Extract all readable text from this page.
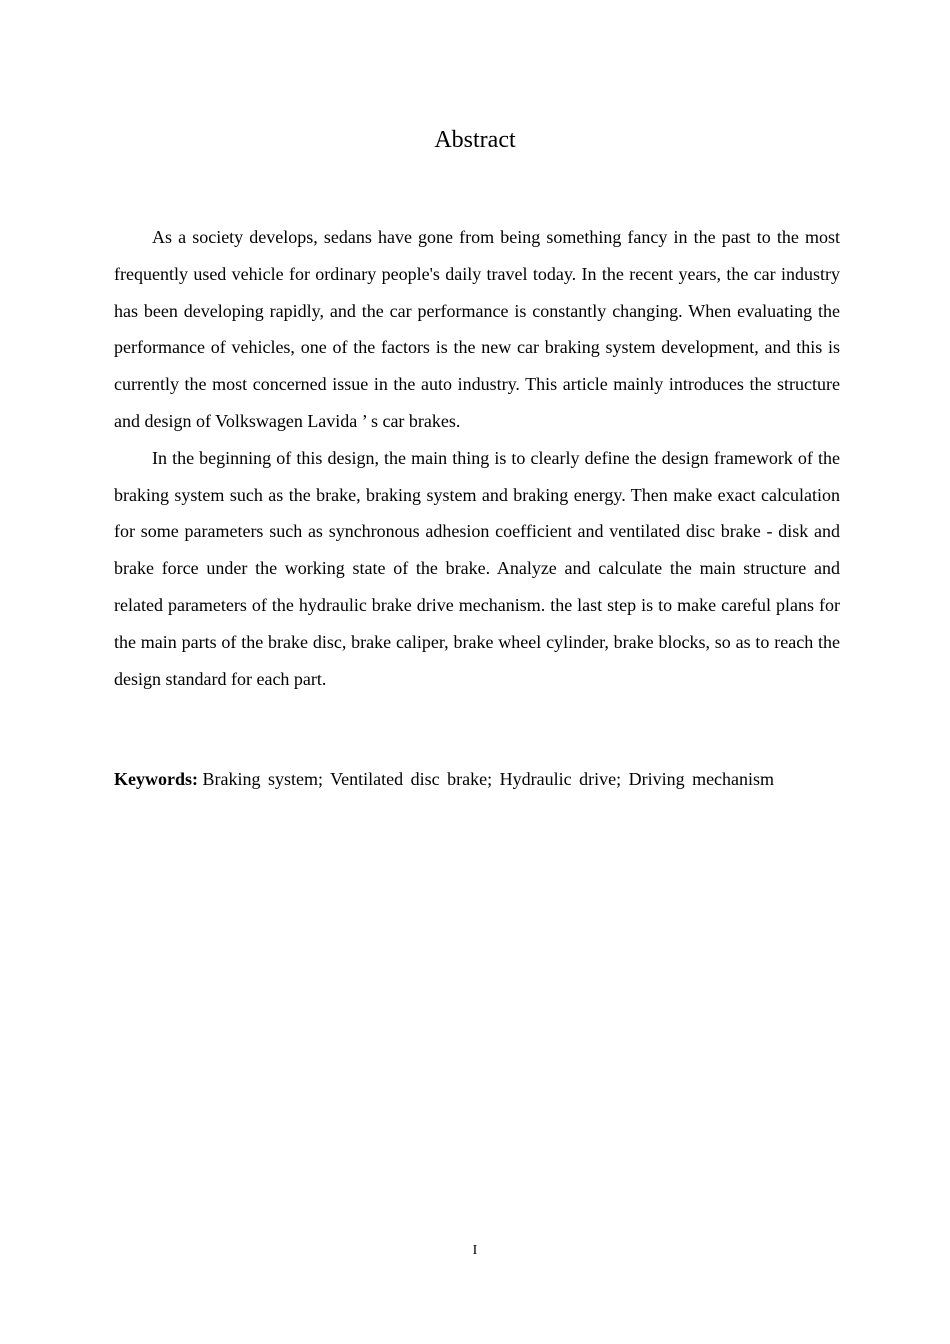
Abstract

As a society develops, sedans have gone from being something fancy in the past to the most frequently used vehicle for ordinary people's daily travel today. In the recent years, the car industry has been developing rapidly, and the car performance is constantly changing. When evaluating the performance of vehicles, one of the factors is the new car braking system development, and this is currently the most concerned issue in the auto industry. This article mainly introduces the structure and design of Volkswagen Lavida ’ s car brakes.

In the beginning of this design, the main thing is to clearly define the design framework of the braking system such as the brake, braking system and braking energy. Then make exact calculation for some parameters such as synchronous adhesion coefficient and ventilated disc brake - disk and brake force under the working state of the brake. Analyze and calculate the main structure and related parameters of the hydraulic brake drive mechanism. the last step is to make careful plans for the main parts of the brake disc, brake caliper, brake wheel cylinder, brake blocks, so as to reach the design standard for each part.

Keywords: Braking system; Ventilated disc brake; Hydraulic drive; Driving mechanism

I
